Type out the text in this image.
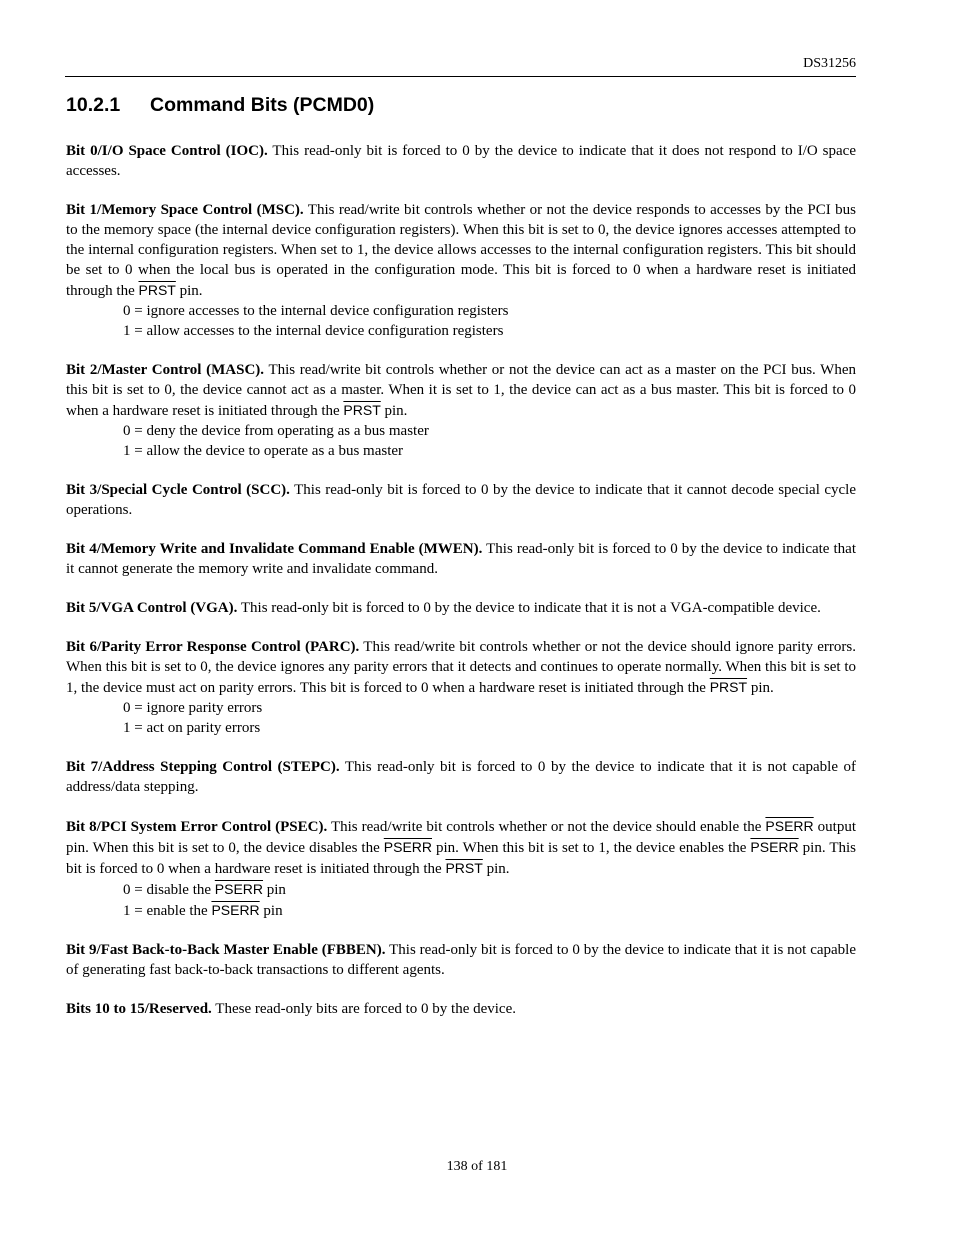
DS31256
10.2.1 Command Bits (PCMD0)
Bit 0/I/O Space Control (IOC). This read-only bit is forced to 0 by the device to indicate that it does not respond to I/O space accesses.
Bit 1/Memory Space Control (MSC). This read/write bit controls whether or not the device responds to accesses by the PCI bus to the memory space (the internal device configuration registers). When this bit is set to 0, the device ignores accesses attempted to the internal configuration registers. When set to 1, the device allows accesses to the internal configuration registers. This bit should be set to 0 when the local bus is operated in the configuration mode. This bit is forced to 0 when a hardware reset is initiated through the PRST pin.
0 = ignore accesses to the internal device configuration registers
1 = allow accesses to the internal device configuration registers
Bit 2/Master Control (MASC). This read/write bit controls whether or not the device can act as a master on the PCI bus. When this bit is set to 0, the device cannot act as a master. When it is set to 1, the device can act as a bus master. This bit is forced to 0 when a hardware reset is initiated through the PRST pin.
0 = deny the device from operating as a bus master
1 = allow the device to operate as a bus master
Bit 3/Special Cycle Control (SCC). This read-only bit is forced to 0 by the device to indicate that it cannot decode special cycle operations.
Bit 4/Memory Write and Invalidate Command Enable (MWEN). This read-only bit is forced to 0 by the device to indicate that it cannot generate the memory write and invalidate command.
Bit 5/VGA Control (VGA). This read-only bit is forced to 0 by the device to indicate that it is not a VGA-compatible device.
Bit 6/Parity Error Response Control (PARC). This read/write bit controls whether or not the device should ignore parity errors. When this bit is set to 0, the device ignores any parity errors that it detects and continues to operate normally. When this bit is set to 1, the device must act on parity errors. This bit is forced to 0 when a hardware reset is initiated through the PRST pin.
0 = ignore parity errors
1 = act on parity errors
Bit 7/Address Stepping Control (STEPC). This read-only bit is forced to 0 by the device to indicate that it is not capable of address/data stepping.
Bit 8/PCI System Error Control (PSEC). This read/write bit controls whether or not the device should enable the PSERR output pin. When this bit is set to 0, the device disables the PSERR pin. When this bit is set to 1, the device enables the PSERR pin. This bit is forced to 0 when a hardware reset is initiated through the PRST pin.
0 = disable the PSERR pin
1 = enable the PSERR pin
Bit 9/Fast Back-to-Back Master Enable (FBBEN). This read-only bit is forced to 0 by the device to indicate that it is not capable of generating fast back-to-back transactions to different agents.
Bits 10 to 15/Reserved. These read-only bits are forced to 0 by the device.
138 of 181
